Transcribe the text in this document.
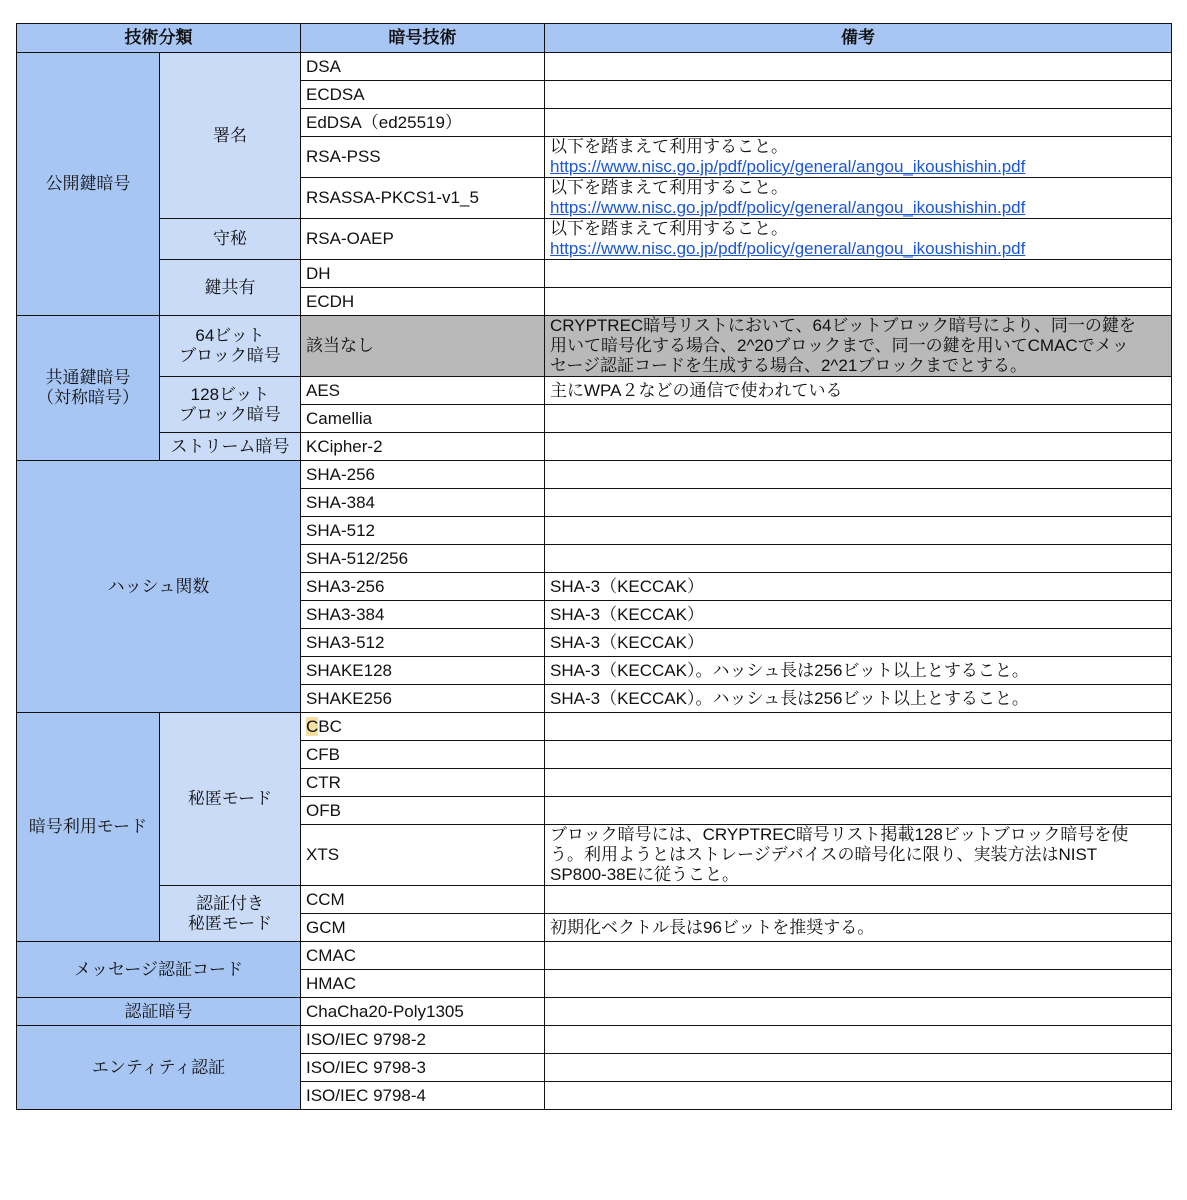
技術分類		暗号技術	備考
公開鍵暗号	署名	DSA	
		ECDSA	
		EdDSA（ed25519）	
		RSA-PSS	以下を踏まえて利用すること。
https://www.nisc.go.jp/pdf/policy/general/angou_ikoushishin.pdf

		RSASSA-PKCS1-v1_5	以下を踏まえて利用すること。
https://www.nisc.go.jp/pdf/policy/general/angou_ikoushishin.pdf

	守秘	RSA-OAEP	以下を踏まえて利用すること。
https://www.nisc.go.jp/pdf/policy/general/angou_ikoushishin.pdf

	鍵共有	DH	
		ECDH	

共通鍵暗号
（対称暗号）	64ビット
ブロック暗号	該当なし	CRYPTREC暗号リストにおいて、64ビットブロック暗号により、同一の鍵を
用いて暗号化する場合、2^20ブロックまで、同一の鍵を用いてCMACでメッ
セージ認証コードを生成する場合、2^21ブロックまでとする。

	128ビット
ブロック暗号	AES	主にWPA２などの通信で使われている
		Camellia	
	ストリーム暗号	KCipher-2	
ハッシュ関数		SHA-256	
		SHA-384	
		SHA-512	
		SHA-512/256	
		SHA3-256	SHA-3（KECCAK）
		SHA3-384	SHA-3（KECCAK）
		SHA3-512	SHA-3（KECCAK）
		SHAKE128	SHA-3（KECCAK）。ハッシュ長は256ビット以上とすること。
		SHAKE256	SHA-3（KECCAK）。ハッシュ長は256ビット以上とすること。
暗号利用モード	秘匿モード	CBC	
		CFB	
		CTR	
		OFB	
		XTS	ブロック暗号には、CRYPTREC暗号リスト掲載128ビットブロック暗号を使
う。利用ようとはストレージデバイスの暗号化に限り、実装方法はNIST
SP800-38Eに従うこと。

	認証付き
秘匿モード	CCM	
		GCM	初期化ベクトル長は96ビットを推奨する。
メッセージ認証コード		CMAC	
		HMAC	
認証暗号		ChaCha20-Poly1305	
エンティティ認証		ISO/IEC 9798-2	
		ISO/IEC 9798-3	
		ISO/IEC 9798-4	
